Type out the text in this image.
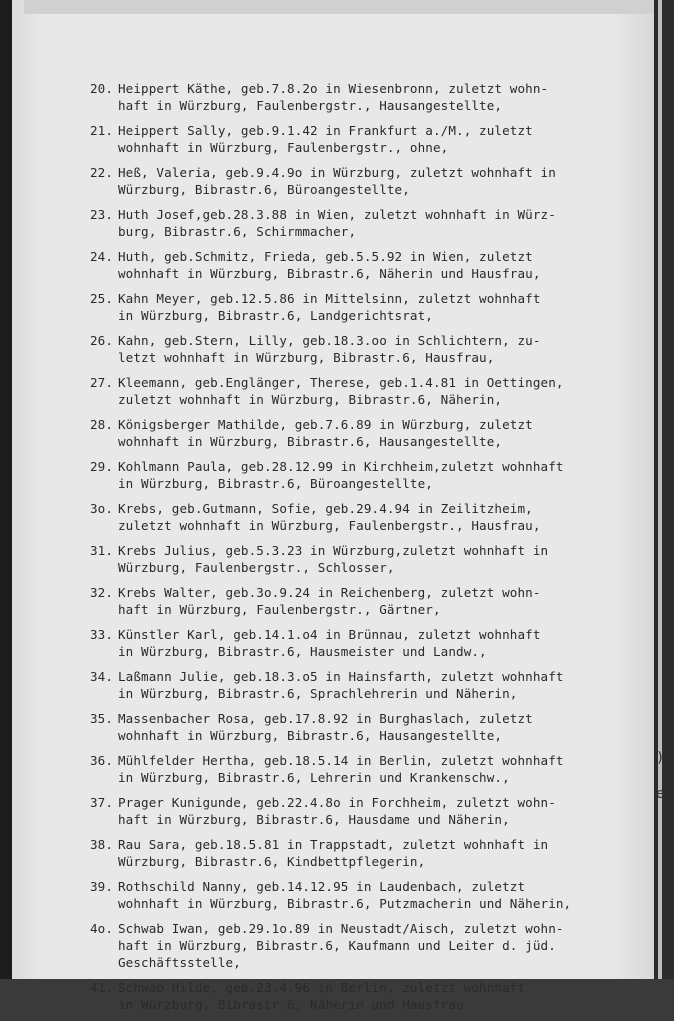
20. Heippert Käthe, geb.7.8.2o in Wiesenbronn, zuletzt wohn-
haft in Würzburg, Faulenbergstr., Hausangestellte,
21. Heippert Sally, geb.9.1.42 in Frankfurt a./M., zuletzt
wohnhaft in Würzburg, Faulenbergstr., ohne,
22. Heß, Valeria, geb.9.4.9o in Würzburg, zuletzt wohnhaft in
Würzburg, Bibrastr.6, Büroangestellte,
23. Huth Josef,geb.28.3.88 in Wien, zuletzt wohnhaft in Würz-
burg, Bibrastr.6, Schirmmacher,
24. Huth, geb.Schmitz, Frieda, geb.5.5.92 in Wien, zuletzt
wohnhaft in Würzburg, Bibrastr.6, Näherin und Hausfrau,
25. Kahn Meyer, geb.12.5.86 in Mittelsinn, zuletzt wohnhaft
in Würzburg, Bibrastr.6, Landgerichtsrat,
26. Kahn, geb.Stern, Lilly, geb.18.3.oo in Schlichtern, zu-
letzt wohnhaft in Würzburg, Bibrastr.6, Hausfrau,
27. Kleemann, geb.Englänger, Therese, geb.1.4.81 in Oettingen,
zuletzt wohnhaft in Würzburg, Bibrastr.6, Näherin,
28. Königsberger Mathilde, geb.7.6.89 in Würzburg, zuletzt
wohnhaft in Würzburg, Bibrastr.6, Hausangestellte,
29. Kohlmann Paula, geb.28.12.99 in Kirchheim,zuletzt wohnhaft
in Würzburg, Bibrastr.6, Büroangestellte,
3o. Krebs, geb.Gutmann, Sofie, geb.29.4.94 in Zeilitzheim,
zuletzt wohnhaft in Würzburg, Faulenbergstr., Hausfrau,
31. Krebs Julius, geb.5.3.23 in Würzburg,zuletzt wohnhaft in
Würzburg, Faulenbergstr., Schlosser,
32. Krebs Walter, geb.3o.9.24 in Reichenberg, zuletzt wohn-
haft in Würzburg, Faulenbergstr., Gärtner,
33. Künstler Karl, geb.14.1.o4 in Brünnau, zuletzt wohnhaft
in Würzburg, Bibrastr.6, Hausmeister und Landw.,
34. Laßmann Julie, geb.18.3.o5 in Hainsfarth, zuletzt wohnhaft
in Würzburg, Bibrastr.6, Sprachlehrerin und Näherin,
35. Massenbacher Rosa, geb.17.8.92 in Burghaslach, zuletzt
wohnhaft in Würzburg, Bibrastr.6, Hausangestellte,
36. Mühlfelder Hertha, geb.18.5.14 in Berlin, zuletzt wohnhaft
in Würzburg, Bibrastr.6, Lehrerin und Krankenschw.,
37. Prager Kunigunde, geb.22.4.8o in Forchheim, zuletzt wohn-
haft in Würzburg, Bibrastr.6, Hausdame und Näherin,
38. Rau Sara, geb.18.5.81 in Trappstadt, zuletzt wohnhaft in
Würzburg, Bibrastr.6, Kindbettpflegerin,
39. Rothschild Nanny, geb.14.12.95 in Laudenbach, zuletzt
wohnhaft in Würzburg, Bibrastr.6, Putzmacherin und Näherin,
4o. Schwab Iwan, geb.29.1o.89 in Neustadt/Aisch, zuletzt wohn-
haft in Würzburg, Bibrastr.6, Kaufmann und Leiter d. jüd.
Geschäftsstelle,
41. Schwab Hilde, geb.23.4.96 in Berlin, zuletzt wohnhaft
in Würzburg, Bibrastr.6, Näherin und Hausfrau
)
e
